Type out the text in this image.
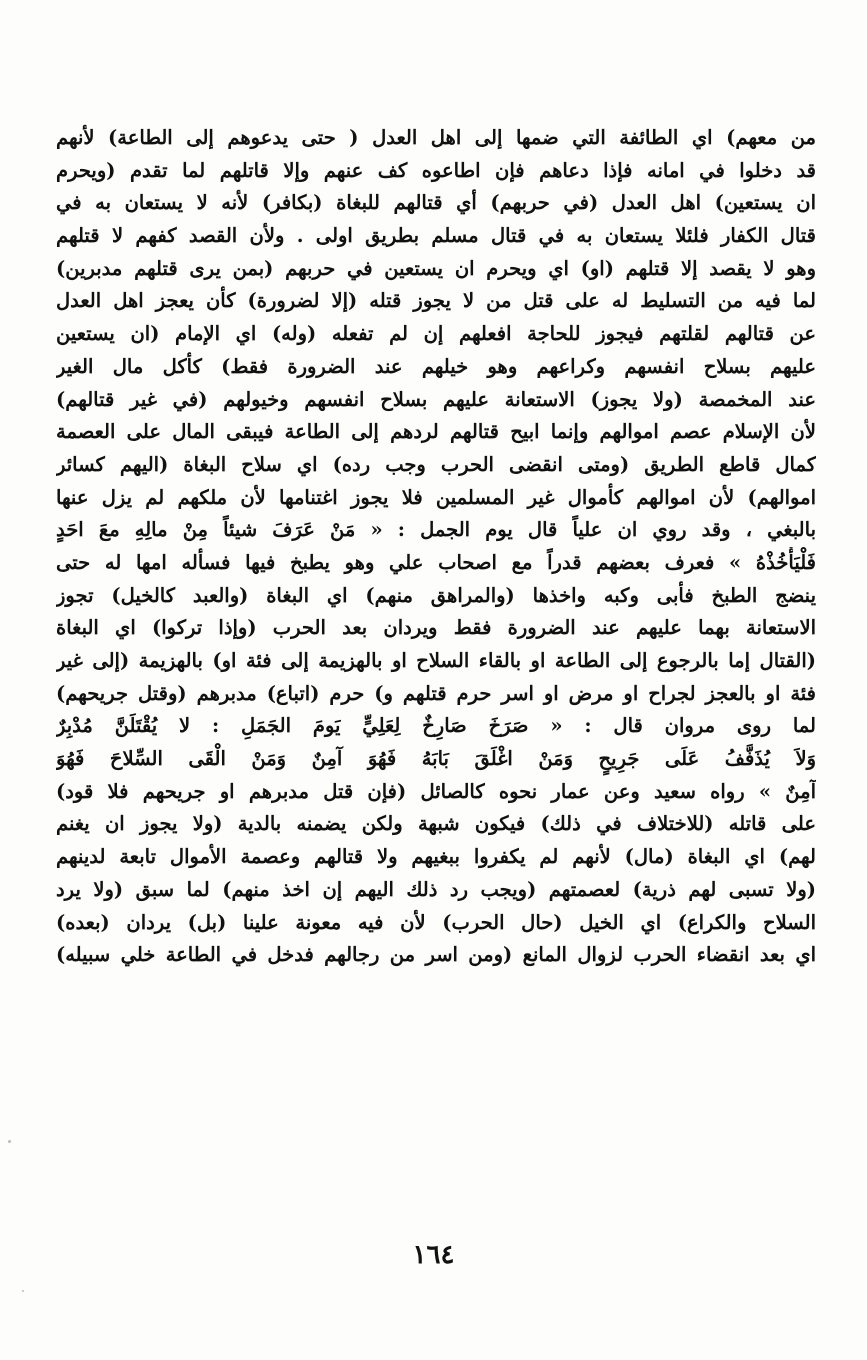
من معهم) اي الطائفة التي ضمها إلى اهل العدل ( حتى يدعوهم إلى الطاعة) لأنهم
قد دخلوا في امانه فإذا دعاهم فإن اطاعوه كف عنهم وإلا قاتلهم لما تقدم (ويحرم
ان يستعين) اهل العدل (في حربهم) أي قتالهم للبغاة (بكافر) لأنه لا يستعان به في
قتال الكفار فلئلا يستعان به في قتال مسلم بطريق اولى . ولأن القصد كفهم لا قتلهم
وهو لا يقصد إلا قتلهم (او) اي ويحرم ان يستعين في حربهم (بمن يرى قتلهم مدبرين)
لما فيه من التسليط له على قتل من لا يجوز قتله (إلا لضرورة) كأن يعجز اهل العدل
عن قتالهم لقلتهم فيجوز للحاجة افعلهم إن لم تفعله (وله) اي الإمام (ان يستعين
عليهم بسلاح انفسهم وكراعهم وهو خيلهم عند الضرورة فقط) كأكل مال الغير
عند المخمصة (ولا يجوز) الاستعانة عليهم بسلاح انفسهم وخيولهم (في غير قتالهم)
لأن الإسلام عصم اموالهم وإنما ابيح قتالهم لردهم إلى الطاعة فيبقى المال على العصمة
كمال قاطع الطريق (ومتى انقضى الحرب وجب رده) اي سلاح البغاة (اليهم كسائر
اموالهم) لأن اموالهم كأموال غير المسلمين فلا يجوز اغتنامها لأن ملكهم لم يزل عنها
بالبغي ، وقد روي ان علياً قال يوم الجمل : « مَنْ عَرَفَ شيئاً مِنْ مالِهِ معَ احَدٍ
فَلْيَأْخُذْهُ » فعرف بعضهم قدراً مع اصحاب علي وهو يطبخ فيها فسأله امها له حتى
ينضج الطبخ فأبى وكبه واخذها (والمراهق منهم) اي البغاة (والعبد كالخيل) تجوز
الاستعانة بهما عليهم عند الضرورة فقط ويردان بعد الحرب (وإذا تركوا) اي البغاة
(القتال إما بالرجوع إلى الطاعة او بالقاء السلاح او بالهزيمة إلى فئة او) بالهزيمة (إلى غير
فئة او بالعجز لجراح او مرض او اسر حرم قتلهم و) حرم (اتباع) مدبرهم (وقتل جريحهم)
لما روى مروان قال : « صَرَخَ صَارِخٌ لِعَلِيٍّ يَومَ الجَمَلِ : لا يُقْتَلَنَّ مُدْبِرٌ
وَلاَ يُذَفَّفُ عَلَى جَرِيحٍ وَمَنْ اغْلَقَ بَابَهُ فَهُوَ آمِنٌ وَمَنْ الْقَى السِّلاحَ فَهُوَ
آمِنٌ » رواه سعيد وعن عمار نحوه كالصائل (فإن قتل مدبرهم او جريحهم فلا قود)
على قاتله (للاختلاف في ذلك) فيكون شبهة ولكن يضمنه بالدية (ولا يجوز ان يغنم
لهم) اي البغاة (مال) لأنهم لم يكفروا ببغيهم ولا قتالهم وعصمة الأموال تابعة لدينهم
(ولا تسبى لهم ذرية) لعصمتهم (ويجب رد ذلك اليهم إن اخذ منهم) لما سبق (ولا يرد
السلاح والكراع) اي الخيل (حال الحرب) لأن فيه معونة علينا (بل) يردان (بعده)
اي بعد انقضاء الحرب لزوال المانع (ومن اسر من رجالهم فدخل في الطاعة خلي سبيله)
١٦٤
